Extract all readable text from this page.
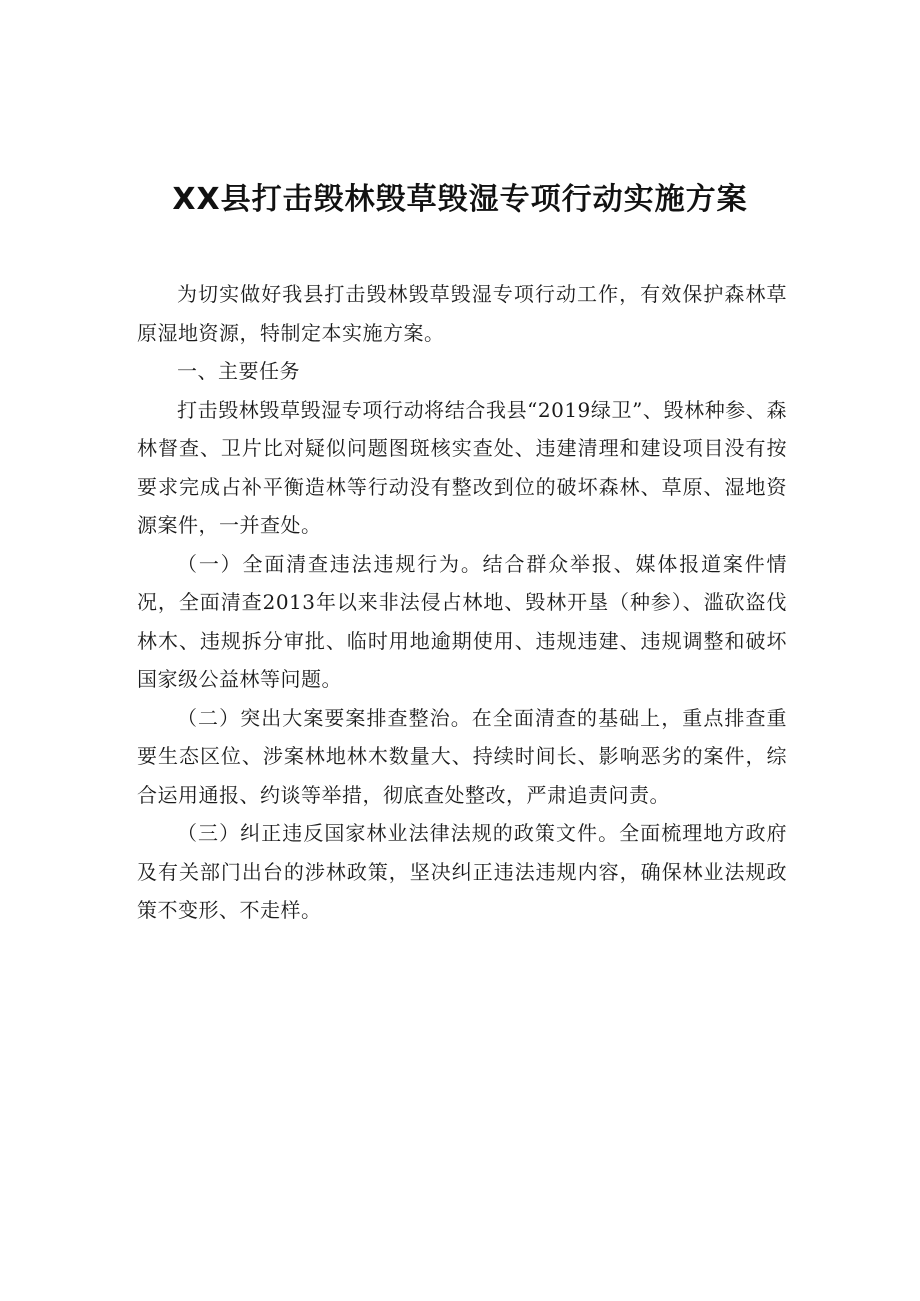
XX县打击毁林毁草毁湿专项行动实施方案

为切实做好我县打击毁林毁草毁湿专项行动工作，有效保护森林草原湿地资源，特制定本实施方案。

一、主要任务

打击毁林毁草毁湿专项行动将结合我县“2019绿卫”、毁林种参、森林督查、卫片比对疑似问题图斑核实查处、违建清理和建设项目没有按要求完成占补平衡造林等行动没有整改到位的破坏森林、草原、湿地资源案件，一并查处。

（一）全面清查违法违规行为。结合群众举报、媒体报道案件情况，全面清查2013年以来非法侵占林地、毁林开垦（种参）、滥砍盗伐林木、违规拆分审批、临时用地逾期使用、违规违建、违规调整和破坏国家级公益林等问题。

（二）突出大案要案排查整治。在全面清查的基础上，重点排查重要生态区位、涉案林地林木数量大、持续时间长、影响恶劣的案件，综合运用通报、约谈等举措，彻底查处整改，严肃追责问责。

（三）纠正违反国家林业法律法规的政策文件。全面梳理地方政府及有关部门出台的涉林政策，坚决纠正违法违规内容，确保林业法规政策不变形、不走样。
